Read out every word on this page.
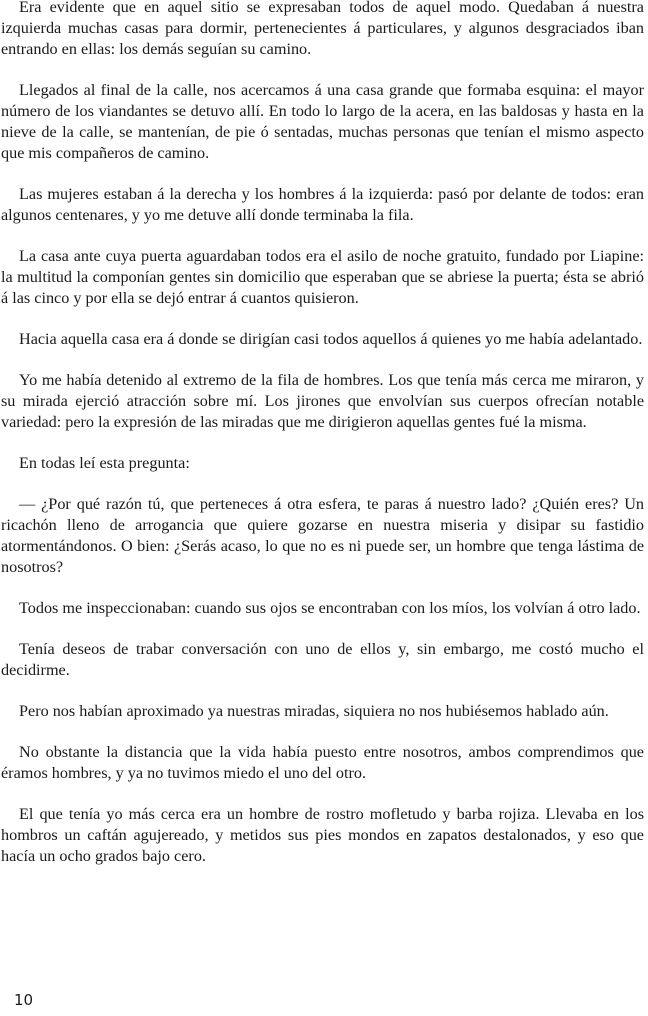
Era evidente que en aquel sitio se expresaban todos de aquel modo. Quedaban á nuestra izquierda muchas casas para dormir, pertenecientes á particulares, y algunos desgraciados iban entrando en ellas: los demás seguían su camino.

Llegados al final de la calle, nos acercamos á una casa grande que formaba esquina: el mayor número de los viandantes se detuvo allí. En todo lo largo de la acera, en las baldosas y hasta en la nieve de la calle, se mantenían, de pie ó sentadas, muchas personas que tenían el mismo aspecto que mis compañeros de camino.

Las mujeres estaban á la derecha y los hombres á la izquierda: pasó por delante de todos: eran algunos centenares, y yo me detuve allí donde terminaba la fila.

La casa ante cuya puerta aguardaban todos era el asilo de noche gratuito, fundado por Liapine: la multitud la componían gentes sin domicilio que esperaban que se abriese la puerta; ésta se abrió á las cinco y por ella se dejó entrar á cuantos quisieron.

Hacia aquella casa era á donde se dirigían casi todos aquellos á quienes yo me había adelantado.

Yo me había detenido al extremo de la fila de hombres. Los que tenía más cerca me miraron, y su mirada ejerció atracción sobre mí. Los jirones que envolvían sus cuerpos ofrecían notable variedad: pero la expresión de las miradas que me dirigieron aquellas gentes fué la misma.

En todas leí esta pregunta:

— ¿Por qué razón tú, que perteneces á otra esfera, te paras á nuestro lado? ¿Quién eres? Un ricachón lleno de arrogancia que quiere gozarse en nuestra miseria y disipar su fastidio atormentándonos. O bien: ¿Serás acaso, lo que no es ni puede ser, un hombre que tenga lástima de nosotros?

Todos me inspeccionaban: cuando sus ojos se encontraban con los míos, los volvían á otro lado.

Tenía deseos de trabar conversación con uno de ellos y, sin embargo, me costó mucho el decidirme.

Pero nos habían aproximado ya nuestras miradas, siquiera no nos hubiésemos hablado aún.

No obstante la distancia que la vida había puesto entre nosotros, ambos comprendimos que éramos hombres, y ya no tuvimos miedo el uno del otro.

El que tenía yo más cerca era un hombre de rostro mofletudo y barba rojiza. Llevaba en los hombros un caftán agujereado, y metidos sus pies mondos en zapatos destalonados, y eso que hacía un ocho grados bajo cero.

10
